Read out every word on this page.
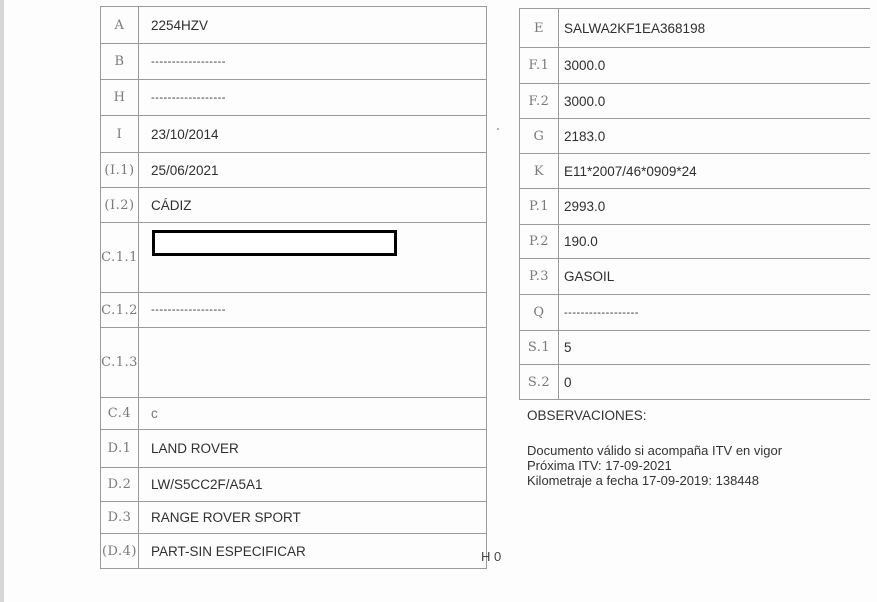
A	2254HZV
B	------------------
H	------------------
I	23/10/2014
(I.1)	25/06/2021
(I.2)	CÁDIZ
C.1.1	
C.1.2	------------------
C.1.3	
C.4	c
D.1	LAND ROVER
D.2	LW/S5CC2F/A5A1
D.3	RANGE ROVER SPORT
(D.4)	PART-SIN ESPECIFICAR	H 0
E	SALWA2KF1EA368198
F.1	3000.0
F.2	3000.0
G	2183.0
K	E11*2007/46*0909*24
P.1	2993.0
P.2	190.0
P.3	GASOIL
Q	------------------
S.1	5
S.2	0
OBSERVACIONES:
Documento válido si acompaña ITV en vigor
Próxima ITV: 17-09-2021
Kilometraje a fecha 17-09-2019: 138448
